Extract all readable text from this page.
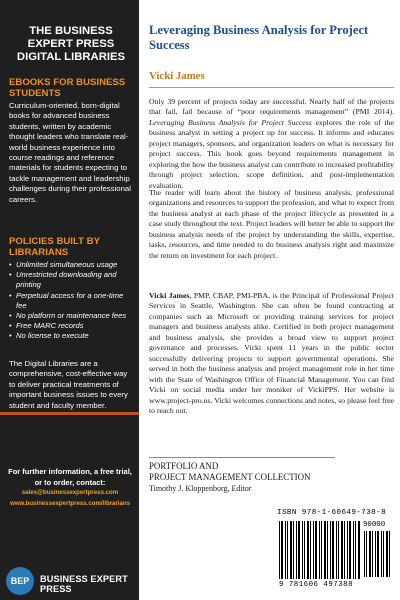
THE BUSINESS EXPERT PRESS DIGITAL LIBRARIES
EBOOKS FOR BUSINESS STUDENTS
Curriculum-oriented, born-digital books for advanced business students, written by academic thought leaders who translate real-world business experience into course readings and reference materials for students expecting to tackle management and leadership challenges during their professional careers.
POLICIES BUILT BY LIBRARIANS
• Unlimited simultaneous usage
• Unrestricted downloading and printing
• Perpetual access for a one-time fee
• No platform or maintenance fees
• Free MARC records
• No license to execute
The Digital Libraries are a comprehensive, cost-effective way to deliver practical treatments of important business issues to every student and faculty member.
For further information, a free trial, or to order, contact:
sales@businessexpertpress.com
www.businessexpertpress.com/librarians
BEP BUSINESS EXPERT PRESS
Leveraging Business Analysis for Project Success
Vicki James

Only 39 percent of projects today are successful. Nearly half of the projects that fail, fail because of “poor requirements management” (PMI 2014). Leveraging Business Analysis for Project Success explores the role of the business analyst in setting a project up for success. It informs and educates project managers, sponsors, and organization leaders on what is necessary for project success. This book goes beyond requirements management in exploring the how the business analyst can contribute to increased profitability through project selection, scope definition, and post-implementation evaluation.

The reader will learn about the history of business analysis, professional organizations and resources to support the profession, and what to expect from the business analyst at each phase of the project lifecycle as presented in a case study throughout the text. Project leaders will better be able to support the business analysis needs of the project by understanding the skills, expertise, tasks, resources, and time needed to do business analysis right and maximize the return on investment for each project.

Vicki James, PMP, CBAP, PMI-PBA, is the Principal of Professional Project Services in Seattle, Washington. She can often be found contracting at companies such as Microsoft or providing training services for project managers and business analysts alike. Certified in both project management and business analysis, she provides a broad view to support project governance and processes. Vicki spent 11 years in the public sector successfully delivering projects to support governmental operations. She served in both the business analysis and project management role in her time with the State of Washington Office of Financial Management. You can find Vicki on social media under her moniker of VickiPPS. Her website is www.project-pro.us. Vicki welcomes connections and notes, so please feel free to reach out.

PORTFOLIO AND
PROJECT MANAGEMENT COLLECTION
Timothy J. Kloppenborg, Editor
ISBN 978-1-60649-738-8
90000
9 781606 497388
